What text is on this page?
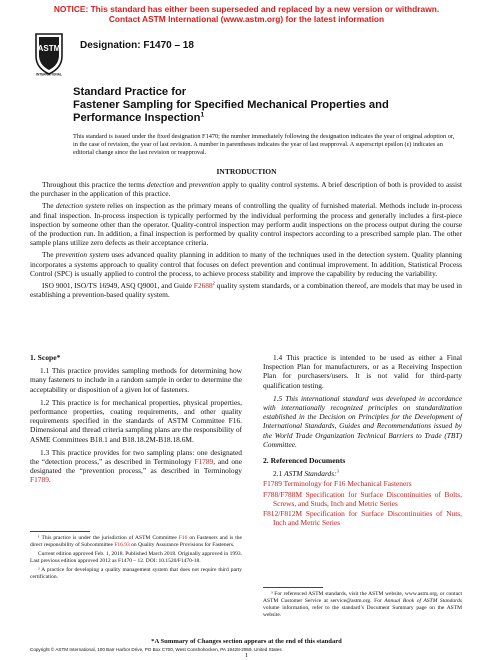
NOTICE: This standard has either been superseded and replaced by a new version or withdrawn.
Contact ASTM International (www.astm.org) for the latest information
ASTM
INTERNATIONAL
Designation: F1470 – 18
Standard Practice for
Fastener Sampling for Specified Mechanical Properties and
Performance Inspection$^1$
This standard is issued under the fixed designation F1470; the number immediately following the designation indicates the year of original adoption or, in the case of revision, the year of last revision. A number in parentheses indicates the year of last reapproval. A superscript epsilon (ε) indicates an editorial change since the last revision or reapproval.
INTRODUCTION

Throughout this practice the terms detection and prevention apply to quality control systems. A brief description of both is provided to assist the purchaser in the application of this practice.

The detection system relies on inspection as the primary means of controlling the quality of furnished material. Methods include in-process and final inspection. In-process inspection is typically performed by the individual performing the process and generally includes a first-piece inspection by someone other than the operator. Quality-control inspection may perform audit inspections on the process output during the course of the production run. In addition, a final inspection is performed by quality control inspectors according to a prescribed sample plan. The other sample plans utilize zero defects as their acceptance criteria.

The prevention system uses advanced quality planning in addition to many of the techniques used in the detection system. Quality planning incorporates a systems approach to quality control that focuses on defect prevention and continual improvement. In addition, Statistical Process Control (SPC) is usually applied to control the process, to achieve process stability and improve the capability by reducing the variability.

ISO 9001, ISO/TS 16949, ASQ Q9001, and Guide F2688$^2$ quality system standards, or a combination thereof, are models that may be used in establishing a prevention-based quality system.

1. Scope*

1.1 This practice provides sampling methods for determining how many fasteners to include in a random sample in order to determine the acceptability or disposition of a given lot of fasteners.

1.2 This practice is for mechanical properties, physical properties, performance properties, coating requirements, and other quality requirements specified in the standards of ASTM Committee F16. Dimensional and thread criteria sampling plans are the responsibility of ASME Committees B18.1 and B18.18.2M-B18.18.6M.

1.3 This practice provides for two sampling plans: one designated the “detection process,” as described in Terminology F1789, and one designated the “prevention process,” as described in Terminology F1789.

1.4 This practice is intended to be used as either a Final Inspection Plan for manufacturers, or as a Receiving Inspection Plan for purchasers/users. It is not valid for third-party qualification testing.

1.5 This international standard was developed in accordance with internationally recognized principles on standardization established in the Decision on Principles for the Development of International Standards, Guides and Recommendations issued by the World Trade Organization Technical Barriers to Trade (TBT) Committee.

2. Referenced Documents

2.1 ASTM Standards:$^3$

F1789 Terminology for F16 Mechanical Fasteners

F788/F788M Specification for Surface Discontinuities of Bolts, Screws, and Studs, Inch and Metric Series

F812/F812M Specification for Surface Discontinuities of Nuts, Inch and Metric Series

¹ This practice is under the jurisdiction of ASTM Committee F16 on Fasteners and is the direct responsibility of Subcommittee F16.93 on Quality Assurance Provisions for Fasteners.

Current edition approved Feb. 1, 2018. Published March 2018. Originally approved in 1993. Last previous edition approved 2012 as F1470 – 12. DOI: 10.1520/F1470-18.

² A practice for developing a quality management system that does not require third party certification.

³ For referenced ASTM standards, visit the ASTM website, www.astm.org, or contact ASTM Customer Service at service@astm.org. For Annual Book of ASTM Standards volume information, refer to the standard’s Document Summary page on the ASTM website.

*A Summary of Changes section appears at the end of this standard
Copyright © ASTM International, 100 Barr Harbor Drive, PO Box C700, West Conshohocken, PA 19428-2959. United States
1
